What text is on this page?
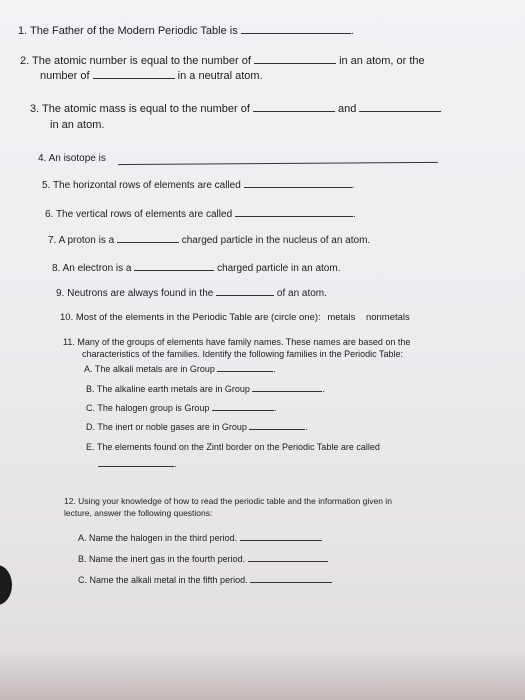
1. The Father of the Modern Periodic Table is	.
2. The atomic number is equal to the number of	in an atom, or the
number of	in a neutral atom.
3. The atomic mass is equal to the number of	and
in an atom.
4. An isotope is
5. The horizontal rows of elements are called	.
6. The vertical rows of elements are called	.
7. A proton is a	charged particle in the nucleus of an atom.
8. An electron is a	charged particle in an atom.
9. Neutrons are always found in the	of an atom.
10. Most of the elements in the Periodic Table are (circle one): metals nonmetals
11. Many of the groups of elements have family names. These names are based on the
characteristics of the families. Identify the following families in the Periodic Table:
A. The alkali metals are in Group	.
B. The alkaline earth metals are in Group	.
C. The halogen group is Group	.
D. The inert or noble gases are in Group	.
E. The elements found on the Zintl border on the Periodic Table are called
.
12. Using your knowledge of how to read the periodic table and the information given in
lecture, answer the following questions:
A. Name the halogen in the third period.
B. Name the inert gas in the fourth period.
C. Name the alkali metal in the fifth period.
